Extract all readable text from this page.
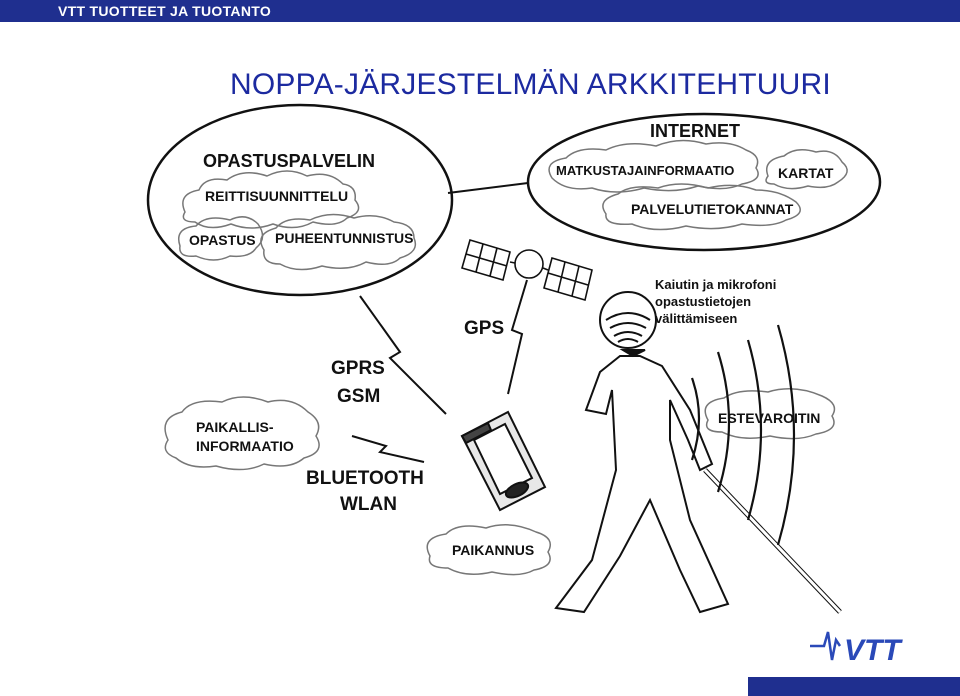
VTT TUOTTEET JA TUOTANTO
NOPPA-JÄRJESTELMÄN ARKKITEHTUURI
OPASTUSPALVELIN
REITTISUUNNITTELU
OPASTUS PUHEENTUNNISTUS
INTERNET
MATKUSTAJAINFORMAATIO	KARTAT
PALVELUTIETOKANNAT
GPRS
GSM
GPS
BLUETOOTH
WLAN
PAIKALLIS-
INFORMAATIO
PAIKANNUS
ESTEVAROITIN
Kaiutin ja mikrofoni
opastustietojen
välittämiseen
VTT
